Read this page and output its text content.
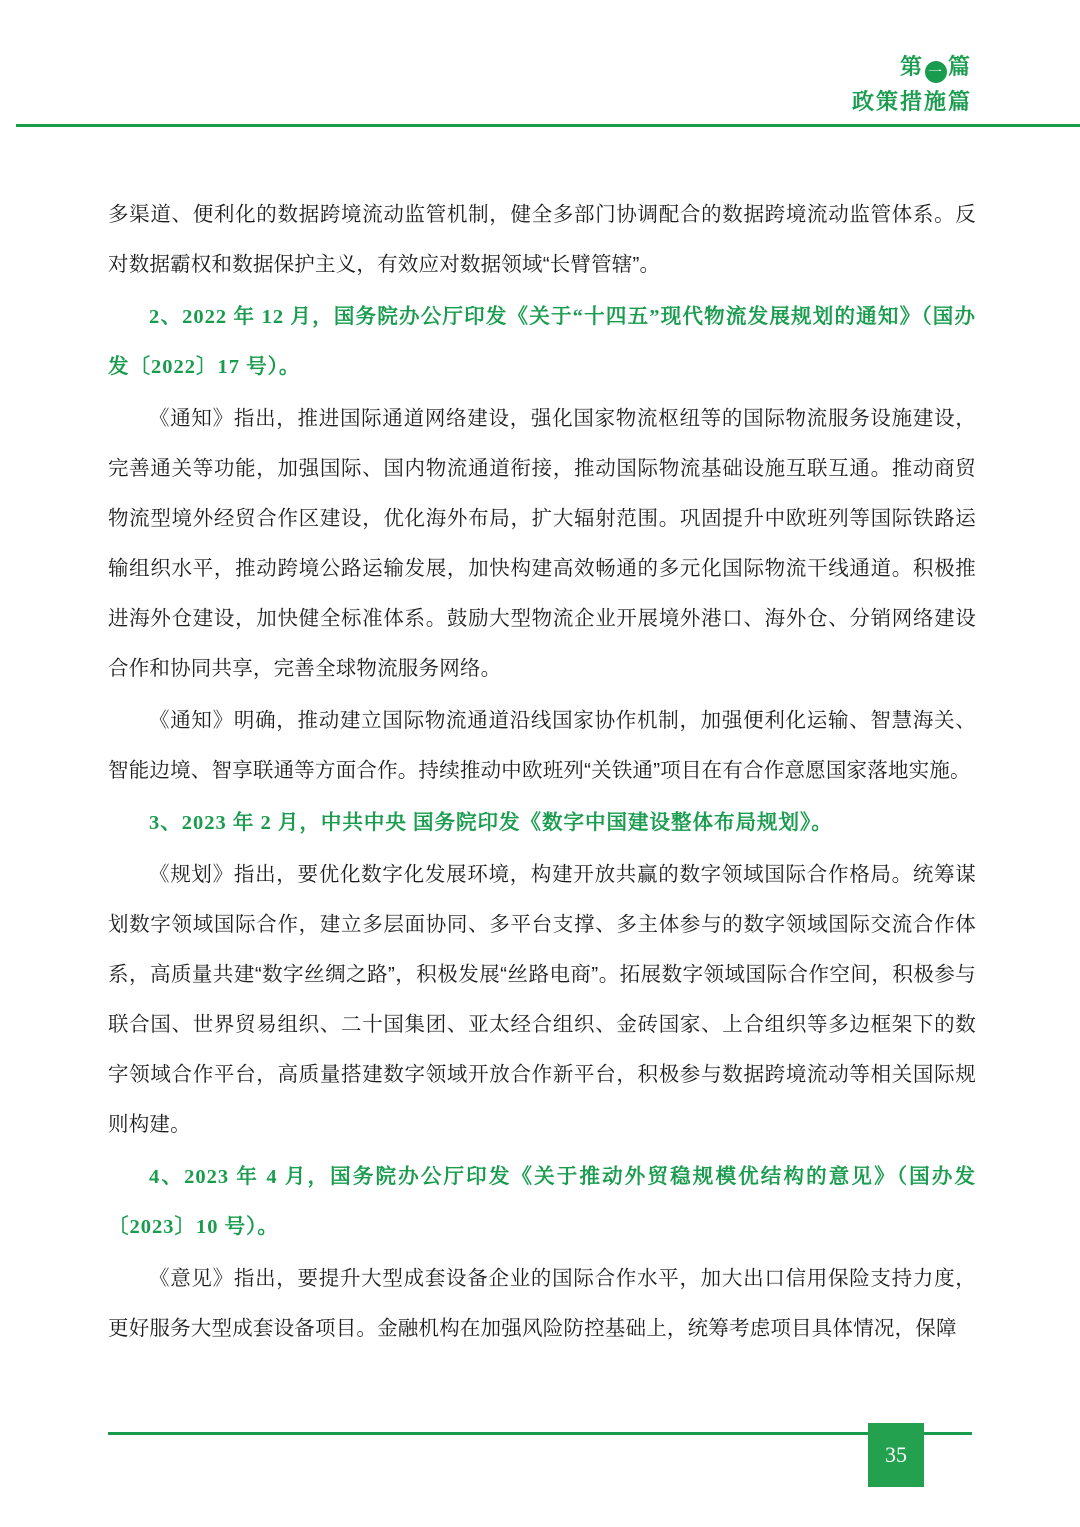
第 一 篇
政策措施篇

多渠道、便利化的数据跨境流动监管机制，健全多部门协调配合的数据跨境流动监管体系。反对数据霸权和数据保护主义，有效应对数据领域“长臂管辖”。

2、2022 年 12 月，国务院办公厅印发《关于“十四五”现代物流发展规划的通知》（国办发〔2022〕17 号）。

《通知》指出，推进国际通道网络建设，强化国家物流枢纽等的国际物流服务设施建设，完善通关等功能，加强国际、国内物流通道衔接，推动国际物流基础设施互联互通。推动商贸物流型境外经贸合作区建设，优化海外布局，扩大辐射范围。巩固提升中欧班列等国际铁路运输组织水平，推动跨境公路运输发展，加快构建高效畅通的多元化国际物流干线通道。积极推进海外仓建设，加快健全标准体系。鼓励大型物流企业开展境外港口、海外仓、分销网络建设合作和协同共享，完善全球物流服务网络。

《通知》明确，推动建立国际物流通道沿线国家协作机制，加强便利化运输、智慧海关、智能边境、智享联通等方面合作。持续推动中欧班列“关铁通”项目在有合作意愿国家落地实施。

3、2023 年 2 月，中共中央 国务院印发《数字中国建设整体布局规划》。

《规划》指出，要优化数字化发展环境，构建开放共赢的数字领域国际合作格局。统筹谋划数字领域国际合作，建立多层面协同、多平台支撑、多主体参与的数字领域国际交流合作体系，高质量共建“数字丝绸之路”，积极发展“丝路电商”。拓展数字领域国际合作空间，积极参与联合国、世界贸易组织、二十国集团、亚太经合组织、金砖国家、上合组织等多边框架下的数字领域合作平台，高质量搭建数字领域开放合作新平台，积极参与数据跨境流动等相关国际规则构建。

4、2023 年 4 月，国务院办公厅印发《关于推动外贸稳规模优结构的意见》（国办发〔2023〕10 号）。

《意见》指出，要提升大型成套设备企业的国际合作水平，加大出口信用保险支持力度，更好服务大型成套设备项目。金融机构在加强风险防控基础上，统筹考虑项目具体情况，保障

35
